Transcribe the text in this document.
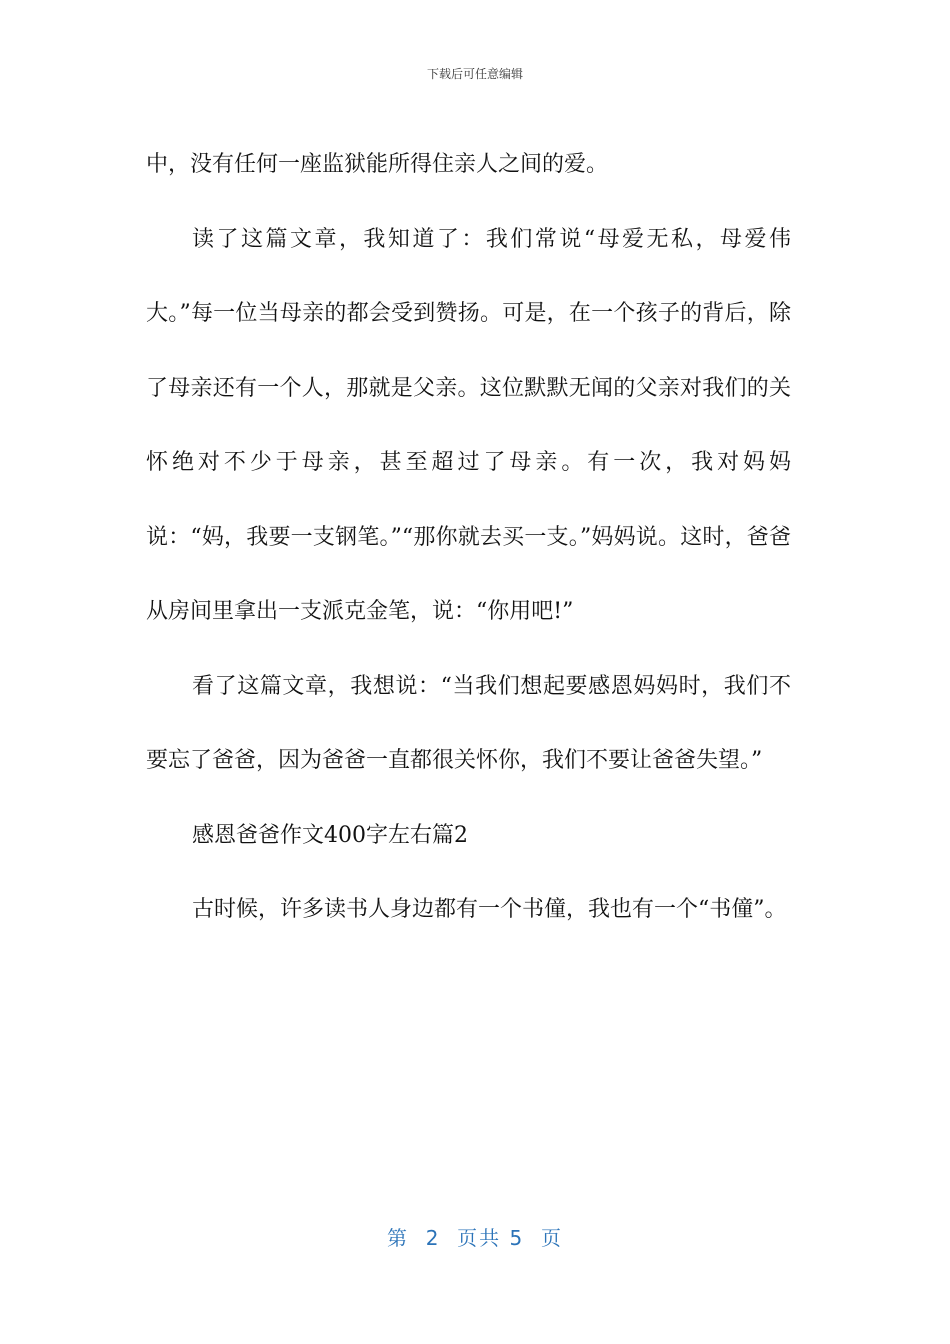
下载后可任意编辑

中，没有任何一座监狱能所得住亲人之间的爱。

读了这篇文章，我知道了：我们常说“母爱无私，母爱伟大。”每一位当母亲的都会受到赞扬。可是，在一个孩子的背后，除了母亲还有一个人，那就是父亲。这位默默无闻的父亲对我们的关怀绝对不少于母亲，甚至超过了母亲。有一次，我对妈妈说：“妈，我要一支钢笔。”“那你就去买一支。”妈妈说。这时，爸爸从房间里拿出一支派克金笔，说：“你用吧!”

看了这篇文章，我想说：“当我们想起要感恩妈妈时，我们不要忘了爸爸，因为爸爸一直都很关怀你，我们不要让爸爸失望。”

感恩爸爸作文400字左右篇2

古时候，许多读书人身边都有一个书僮，我也有一个“书僮”。

第  2  页共 5  页
